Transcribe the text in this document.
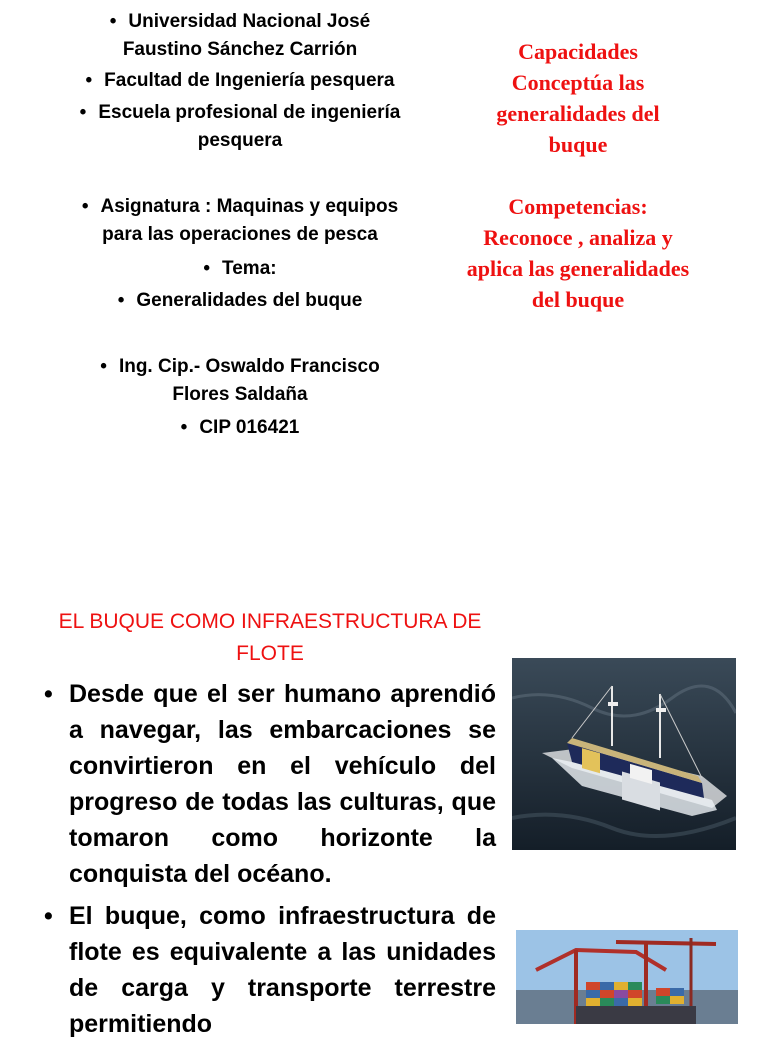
• Universidad Nacional José
Faustino Sánchez Carrión
• Facultad de Ingeniería pesquera
• Escuela profesional de ingeniería
pesquera
• Asignatura : Maquinas y equipos
para las operaciones de pesca
• Tema:
• Generalidades del buque
• Ing. Cip.- Oswaldo Francisco
Flores Saldaña
• CIP 016421
Capacidades
Conceptúa las
generalidades del
buque
Competencias:
Reconoce , analiza y
aplica las generalidades
del buque
EL BUQUE COMO INFRAESTRUCTURA DE
FLOTE
• Desde que el ser humano aprendió a navegar, las embarcaciones se convirtieron en el vehículo del progreso de todas las culturas, que tomaron como horizonte la conquista del océano.
• El buque, como infraestructura de flote es equivalente a las unidades de carga y transporte terrestre permitiendo
